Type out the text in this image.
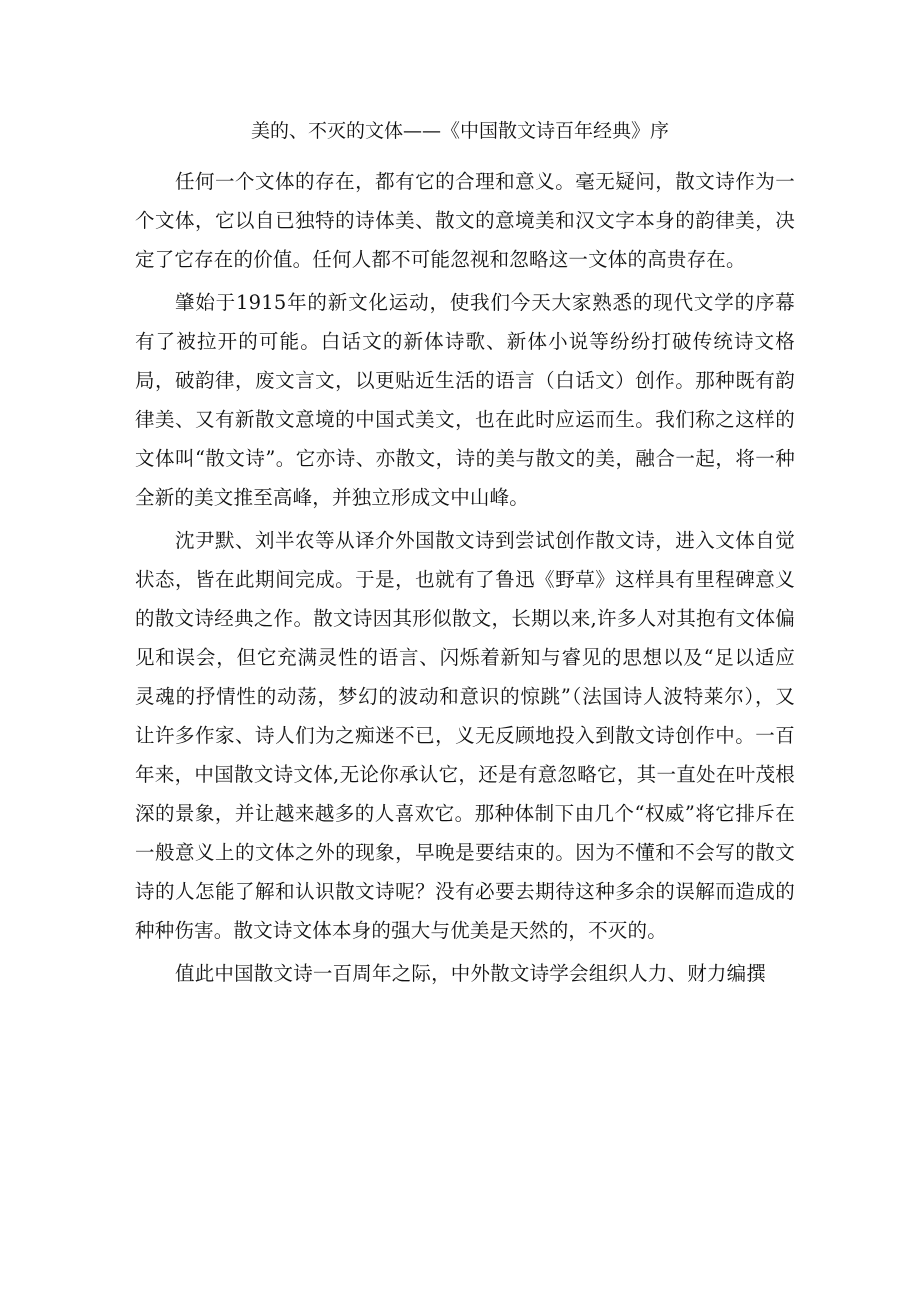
美的、不灭的文体——《中国散文诗百年经典》序

任何一个文体的存在，都有它的合理和意义。毫无疑问，散文诗作为一个文体，它以自已独特的诗体美、散文的意境美和汉文字本身的韵律美，决定了它存在的价值。任何人都不可能忽视和忽略这一文体的高贵存在。

肇始于1915年的新文化运动，使我们今天大家熟悉的现代文学的序幕有了被拉开的可能。白话文的新体诗歌、新体小说等纷纷打破传统诗文格局，破韵律，废文言文，以更贴近生活的语言（白话文）创作。那种既有韵律美、又有新散文意境的中国式美文，也在此时应运而生。我们称之这样的文体叫“散文诗”。它亦诗、亦散文，诗的美与散文的美，融合一起，将一种全新的美文推至高峰，并独立形成文中山峰。

沈尹默、刘半农等从译介外国散文诗到尝试创作散文诗，进入文体自觉状态，皆在此期间完成。于是，也就有了鲁迅《野草》这样具有里程碑意义的散文诗经典之作。散文诗因其形似散文，长期以来,许多人对其抱有文体偏见和误会，但它充满灵性的语言、闪烁着新知与睿见的思想以及“足以适应灵魂的抒情性的动荡，梦幻的波动和意识的惊跳”（法国诗人波特莱尔），又让许多作家、诗人们为之痴迷不已，义无反顾地投入到散文诗创作中。一百年来，中国散文诗文体,无论你承认它，还是有意忽略它，其一直处在叶茂根深的景象，并让越来越多的人喜欢它。那种体制下由几个“权威”将它排斥在一般意义上的文体之外的现象，早晚是要结束的。因为不懂和不会写的散文诗的人怎能了解和认识散文诗呢？没有必要去期待这种多余的误解而造成的种种伤害。散文诗文体本身的强大与优美是天然的，不灭的。

值此中国散文诗一百周年之际，中外散文诗学会组织人力、财力编撰
